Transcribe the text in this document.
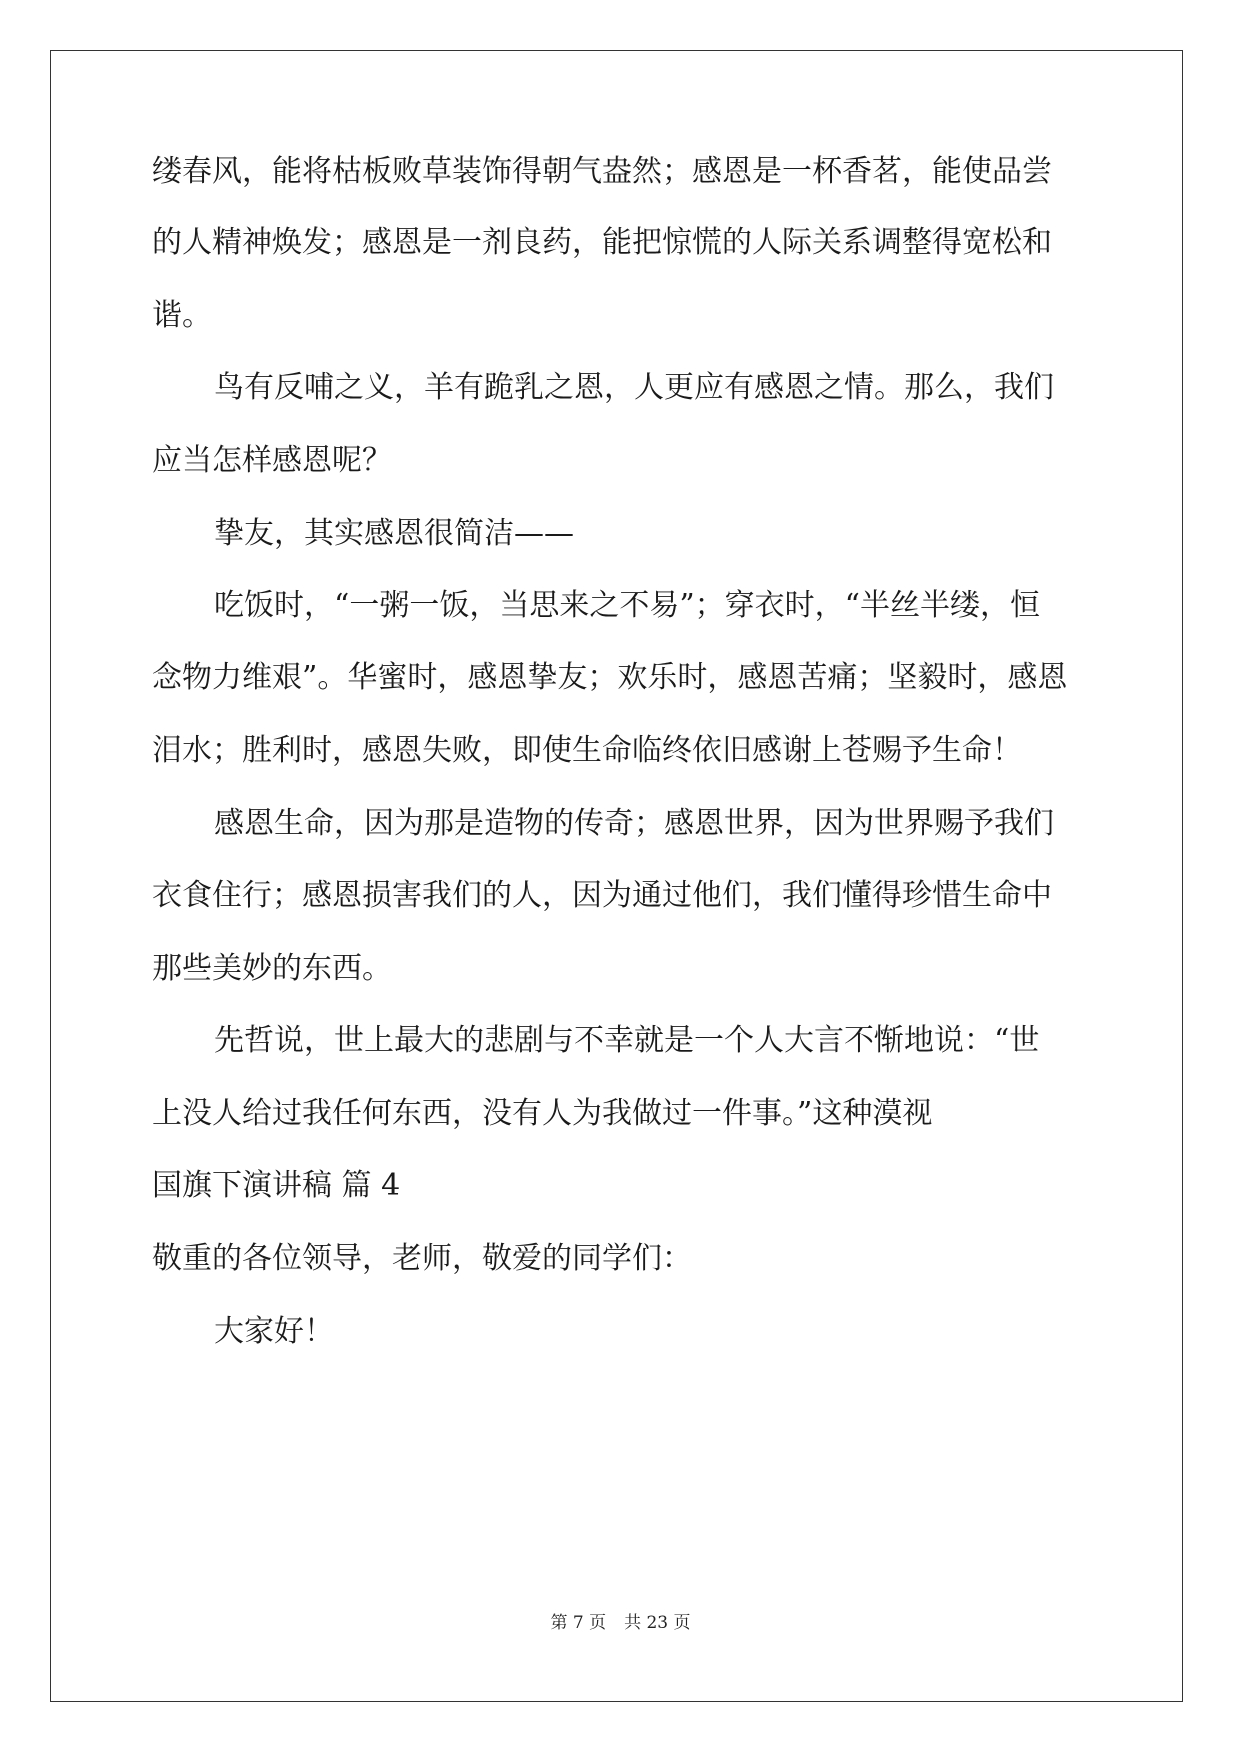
缕春风，能将枯板败草装饰得朝气盎然；感恩是一杯香茗，能使品尝
的人精神焕发；感恩是一剂良药，能把惊慌的人际关系调整得宽松和
谐。
鸟有反哺之义，羊有跪乳之恩，人更应有感恩之情。那么，我们
应当怎样感恩呢？
挚友，其实感恩很简洁——
吃饭时，“一粥一饭，当思来之不易”；穿衣时，“半丝半缕，恒
念物力维艰”。华蜜时，感恩挚友；欢乐时，感恩苦痛；坚毅时，感恩
泪水；胜利时，感恩失败，即使生命临终依旧感谢上苍赐予生命！
感恩生命，因为那是造物的传奇；感恩世界，因为世界赐予我们
衣食住行；感恩损害我们的人，因为通过他们，我们懂得珍惜生命中
那些美妙的东西。
先哲说，世上最大的悲剧与不幸就是一个人大言不惭地说：“世
上没人给过我任何东西，没有人为我做过一件事。”这种漠视
国旗下演讲稿 篇 4
敬重的各位领导，老师，敬爱的同学们：
大家好！
第 7 页 共 23 页
